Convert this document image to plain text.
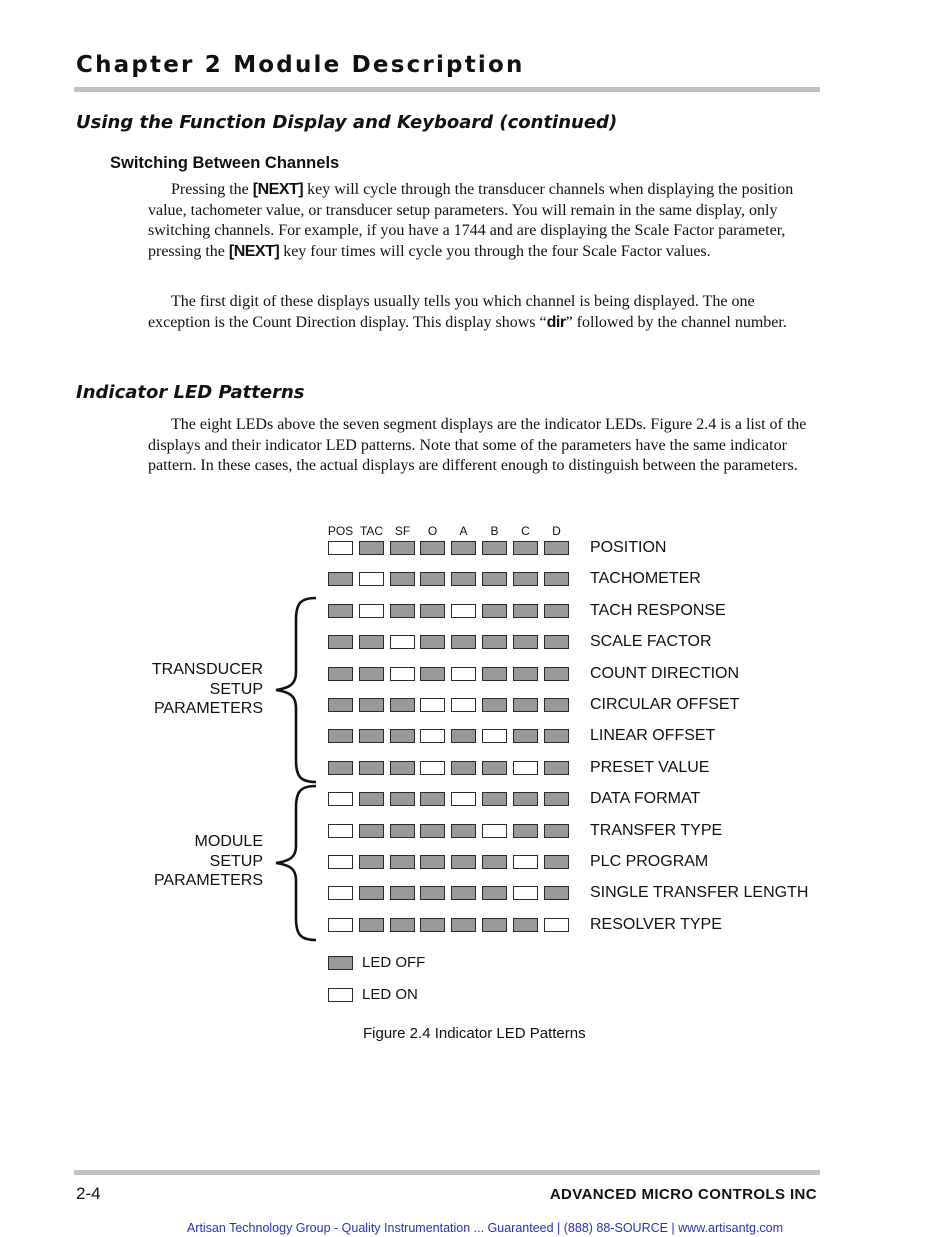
Chapter 2 Module Description
Using the Function Display and Keyboard (continued)
Switching Between Channels

Pressing the [NEXT] key will cycle through the transducer channels when displaying the position value, tachometer value, or transducer setup parameters. You will remain in the same display, only switching channels. For example, if you have a 1744 and are displaying the Scale Factor parameter, pressing the [NEXT] key four times will cycle you through the four Scale Factor values.

The first digit of these displays usually tells you which channel is being displayed. The one exception is the Count Direction display. This display shows “dir” followed by the channel number.

Indicator LED Patterns

The eight LEDs above the seven segment displays are the indicator LEDs. Figure 2.4 is a list of the displays and their indicator LED patterns. Note that some of the parameters have the same indicator pattern. In these cases, the actual displays are different enough to distinguish between the parameters.

POS TAC SF O A B C D
POSITION
TACHOMETER
TACH RESPONSE
SCALE FACTOR
COUNT DIRECTION
CIRCULAR OFFSET
LINEAR OFFSET
PRESET VALUE
DATA FORMAT
TRANSFER TYPE
PLC PROGRAM
SINGLE TRANSFER LENGTH
RESOLVER TYPE
TRANSDUCER
SETUP
PARAMETERS
MODULE
SETUP
PARAMETERS
LED OFF
LED ON
Figure 2.4 Indicator LED Patterns
2-4	ADVANCED MICRO CONTROLS INC
Artisan Technology Group - Quality Instrumentation ... Guaranteed | (888) 88-SOURCE | www.artisantg.com
